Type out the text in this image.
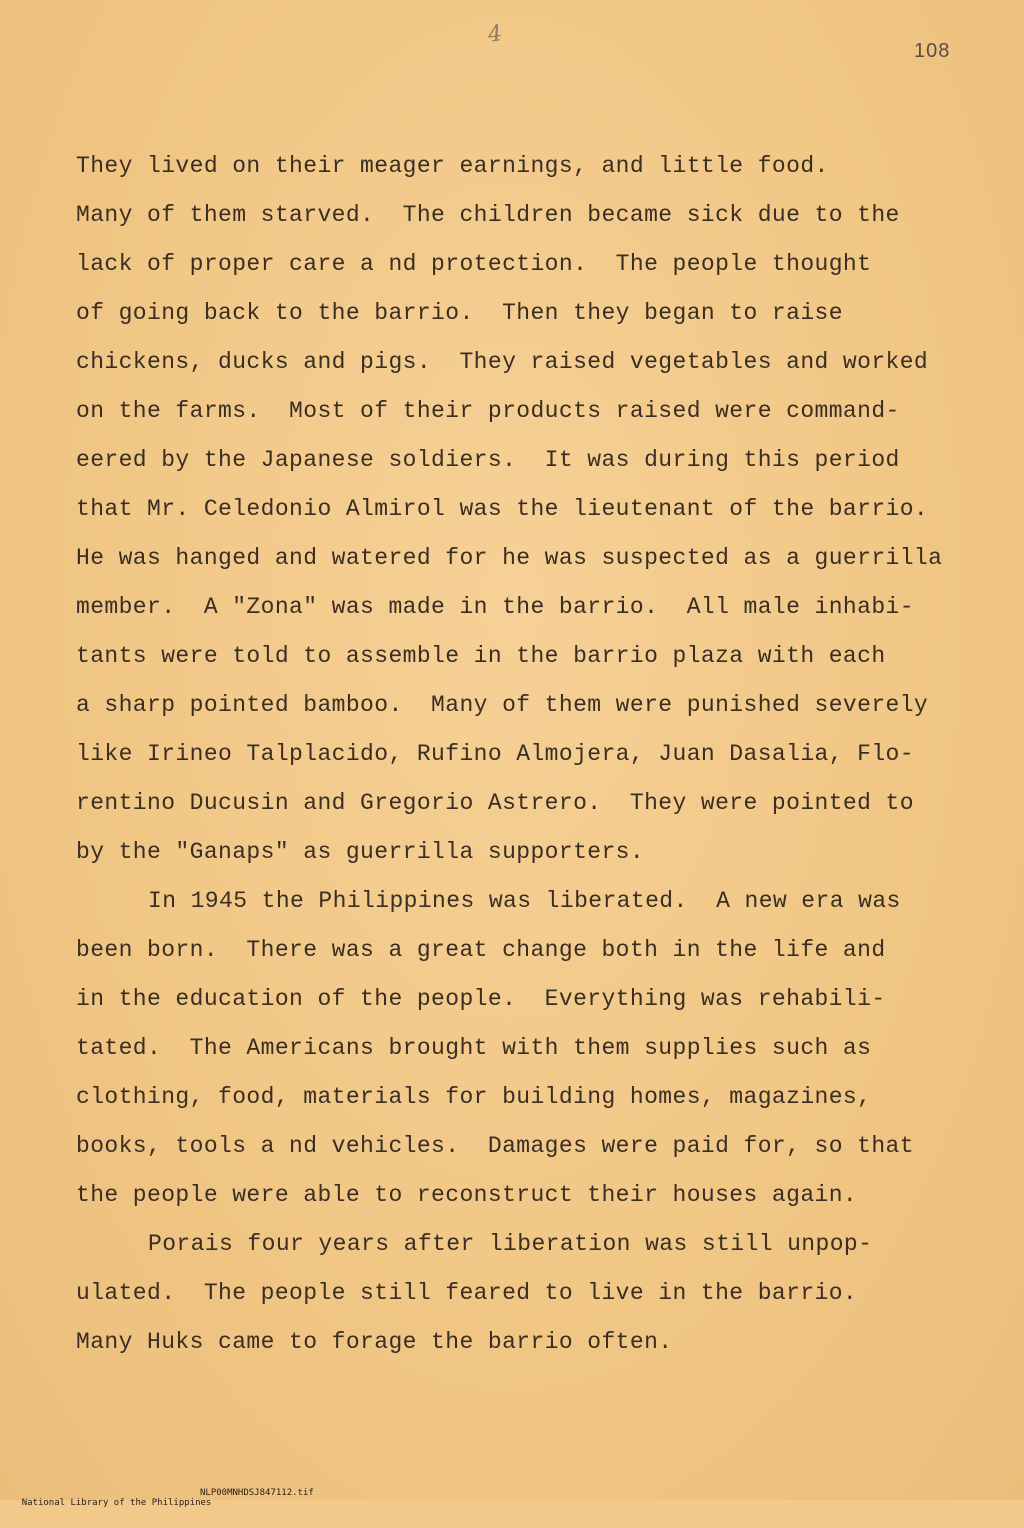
4
108
They lived on their meager earnings, and little food.
Many of them starved.  The children became sick due to the
lack of proper care a nd protection.  The people thought
of going back to the barrio.  Then they began to raise
chickens, ducks and pigs.  They raised vegetables and worked
on the farms.  Most of their products raised were command-
eered by the Japanese soldiers.  It was during this period
that Mr. Celedonio Almirol was the lieutenant of the barrio.
He was hanged and watered for he was suspected as a guerrilla
member.  A "Zona" was made in the barrio.  All male inhabi-
tants were told to assemble in the barrio plaza with each
a sharp pointed bamboo.  Many of them were punished severely
like Irineo Talplacido, Rufino Almojera, Juan Dasalia, Flo-
rentino Ducusin and Gregorio Astrero.  They were pointed to
by the "Ganaps" as guerrilla supporters.
In 1945 the Philippines was liberated.  A new era was
been born.  There was a great change both in the life and
in the education of the people.  Everything was rehabili-
tated.  The Americans brought with them supplies such as
clothing, food, materials for building homes, magazines,
books, tools a nd vehicles.  Damages were paid for, so that
the people were able to reconstruct their houses again.
Porais four years after liberation was still unpop-
ulated.  The people still feared to live in the barrio.
Many Huks came to forage the barrio often.

National Library of the Philippines

NLP00MNHDSJ847112.tif
